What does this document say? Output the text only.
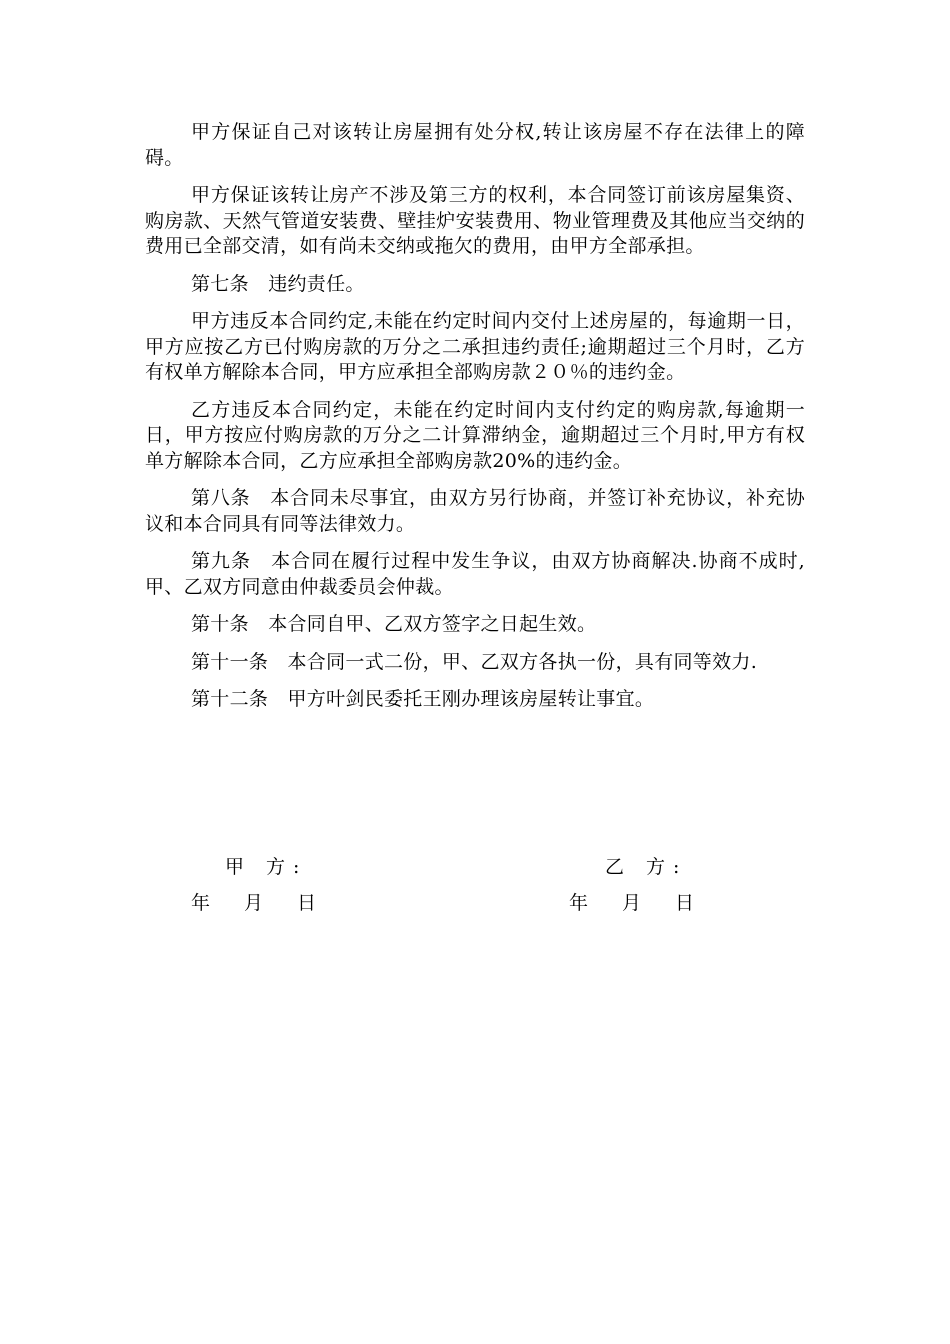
甲方保证自己对该转让房屋拥有处分权,转让该房屋不存在法律上的障碍。

甲方保证该转让房产不涉及第三方的权利，本合同签订前该房屋集资、购房款、天然气管道安装费、壁挂炉安装费用、物业管理费及其他应当交纳的费用已全部交清，如有尚未交纳或拖欠的费用，由甲方全部承担。

第七条　违约责任。

甲方违反本合同约定,未能在约定时间内交付上述房屋的，每逾期一日，甲方应按乙方已付购房款的万分之二承担违约责任;逾期超过三个月时，乙方有权单方解除本合同，甲方应承担全部购房款２０％的违约金。

乙方违反本合同约定，未能在约定时间内支付约定的购房款,每逾期一日，甲方按应付购房款的万分之二计算滞纳金，逾期超过三个月时,甲方有权单方解除本合同，乙方应承担全部购房款20%的违约金。

第八条　本合同未尽事宜，由双方另行协商，并签订补充协议，补充协议和本合同具有同等法律效力。

第九条　本合同在履行过程中发生争议，由双方协商解决.协商不成时,甲、乙双方同意由仲裁委员会仲裁。

第十条　本合同自甲、乙双方签字之日起生效。

第十一条　本合同一式二份，甲、乙双方各执一份，具有同等效力.

第十二条　甲方叶剑民委托王刚办理该房屋转让事宜。

甲 方:	乙 方:
年 月 日	年 月 日
